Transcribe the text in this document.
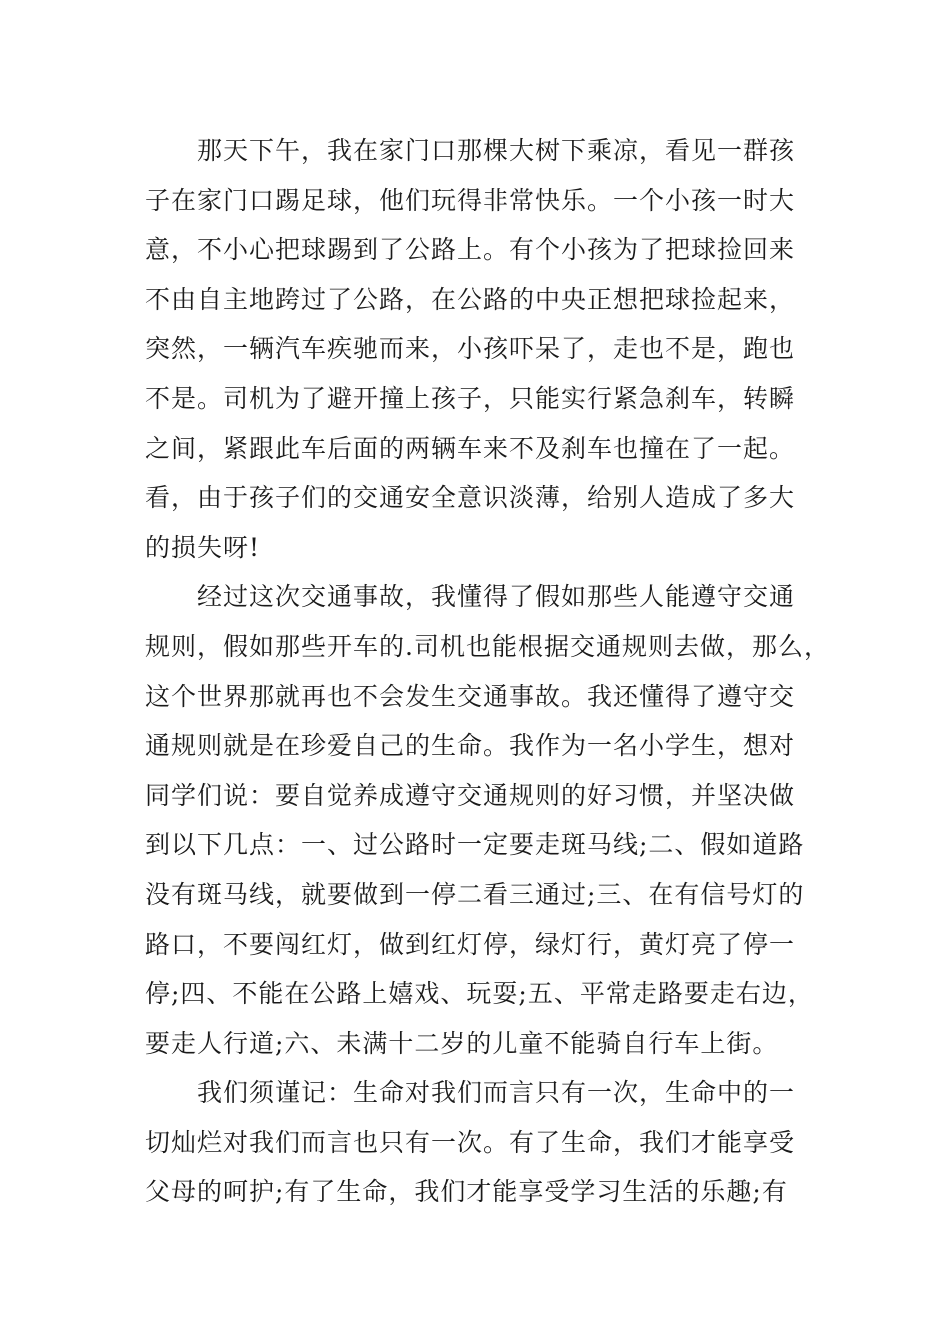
那天下午，我在家门口那棵大树下乘凉，看见一群孩
子在家门口踢足球，他们玩得非常快乐。一个小孩一时大
意，不小心把球踢到了公路上。有个小孩为了把球捡回来
不由自主地跨过了公路，在公路的中央正想把球捡起来，
突然，一辆汽车疾驰而来，小孩吓呆了，走也不是，跑也
不是。司机为了避开撞上孩子，只能实行紧急刹车，转瞬
之间，紧跟此车后面的两辆车来不及刹车也撞在了一起。
看，由于孩子们的交通安全意识淡薄，给别人造成了多大
的损失呀!
经过这次交通事故，我懂得了假如那些人能遵守交通
规则，假如那些开车的.司机也能根据交通规则去做，那么，
这个世界那就再也不会发生交通事故。我还懂得了遵守交
通规则就是在珍爱自己的生命。我作为一名小学生，想对
同学们说：要自觉养成遵守交通规则的好习惯，并坚决做
到以下几点：一、过公路时一定要走斑马线;二、假如道路
没有斑马线，就要做到一停二看三通过;三、在有信号灯的
路口，不要闯红灯，做到红灯停，绿灯行，黄灯亮了停一
停;四、不能在公路上嬉戏、玩耍;五、平常走路要走右边，
要走人行道;六、未满十二岁的儿童不能骑自行车上街。
我们须谨记：生命对我们而言只有一次，生命中的一
切灿烂对我们而言也只有一次。有了生命，我们才能享受
父母的呵护;有了生命，我们才能享受学习生活的乐趣;有
